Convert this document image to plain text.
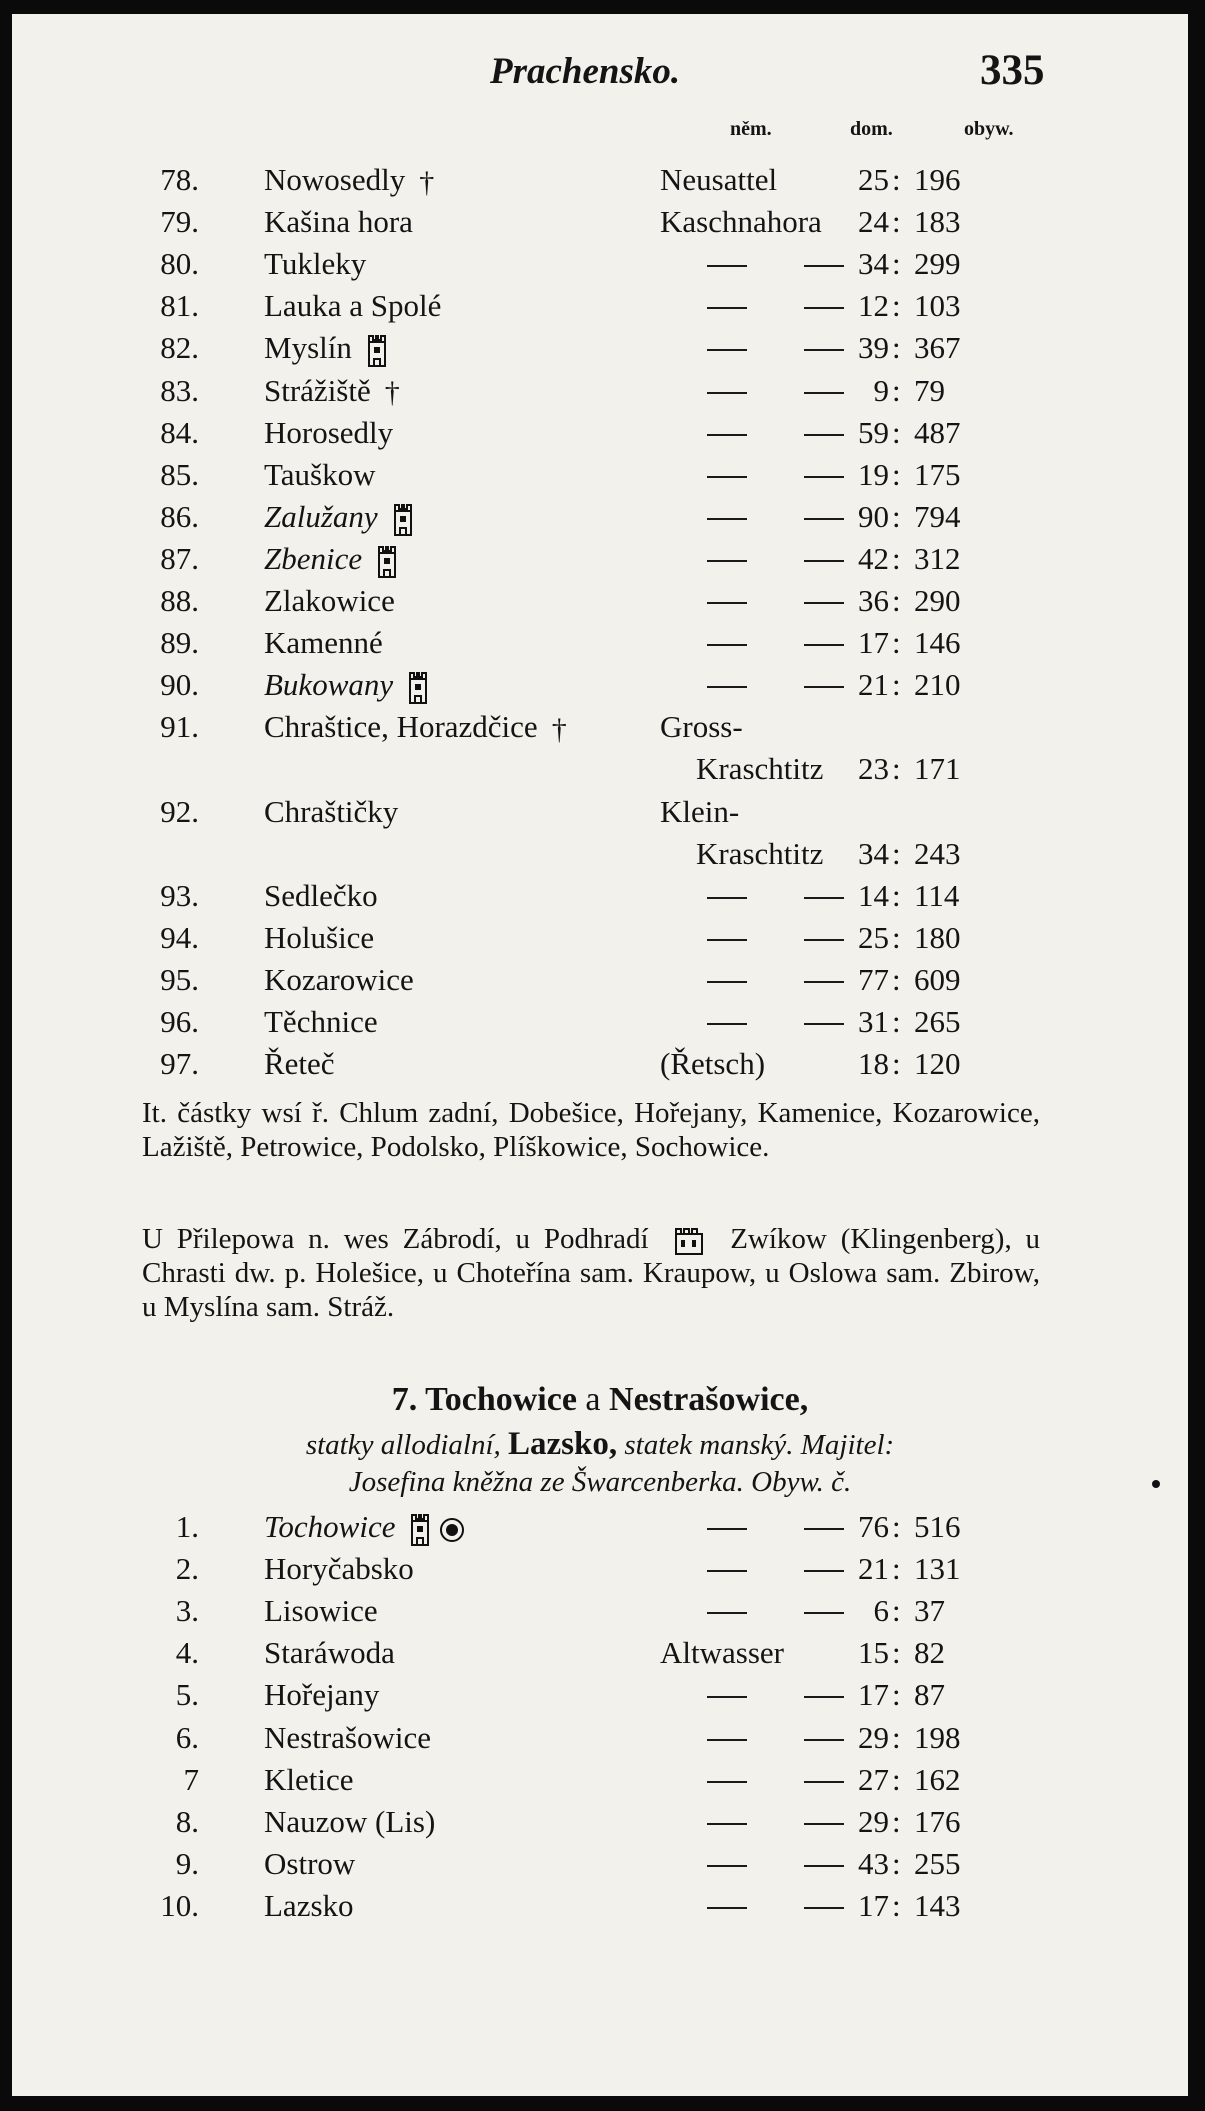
Prachensko.	335
něm.	dom.	obyw.
78. Nowosedly †	Neusattel	25 : 196
79. Kašina hora	Kaschnahora 24 : 183
80. Tukleky	34 : 299
81. Lauka a Spolé	12 : 103
82. Myslín	39 : 367
83. Strážiště †	9 : 79
84. Horosedly	59 : 487
85. Tauškow	19 : 175
86. Zalužany	90 : 794
87. Zbenice	42 : 312
88. Zlakowice	36 : 290
89. Kamenné	17 : 146
90. Bukowany	21 : 210
91. Chraštice, Horazdčice †	Gross-
Kraschtitz 23 : 171
92. Chraštičky	Klein-
Kraschtitz 34 : 243
93. Sedlečko	14 : 114
94. Holušice	25 : 180
95. Kozarowice	77 : 609
96. Těchnice	31 : 265
97. Řeteč	(Řetsch)	18 : 120
It. částky wsí ř. Chlum zadní, Dobešice, Hořejany, Kamenice, Kozarowice, Lažiště, Petrowice, Podolsko, Plíškowice, Sochowice.
U Přilepowa n. wes Zábrodí, u Podhradí	Zwíkow (Klingenberg), u Chrasti dw. p. Holešice, u Choteřína sam. Kraupow, u Oslowa sam. Zbirow, u Myslína sam. Stráž.
7. Tochowice a Nestrašowice,
statky allodialní, Lazsko, statek manský. Majitel:
Josefina kněžna ze Šwarcenberka. Obyw. č.
1. Tochowice	76 : 516
2. Horyčabsko	21 : 131
3. Lisowice	6 : 37
4. Staráwoda	Altwasser 15 : 82
5. Hořejany	17 : 87
6. Nestrašowice	29 : 198
7 Kletice	27 : 162
8. Nauzow (Lis)	29 : 176
9. Ostrow	43 : 255
10. Lazsko	17 : 143
